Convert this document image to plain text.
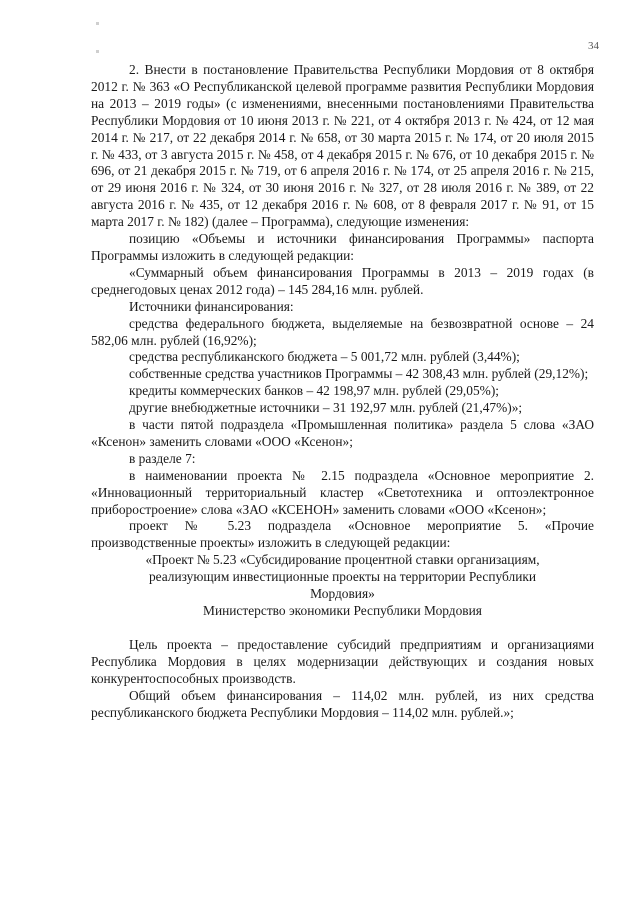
34

2. Внести в постановление Правительства Республики Мордовия от 8 октября 2012 г. № 363 «О Республиканской целевой программе развития Республики Мордовия на 2013 – 2019 годы» (с изменениями, внесенными постановлениями Правительства Республики Мордовия от 10 июня 2013 г. № 221, от 4 октября 2013 г. № 424, от 12 мая 2014 г. № 217, от 22 декабря 2014 г. № 658, от 30 марта 2015 г. № 174, от 20 июля 2015 г. № 433, от 3 августа 2015 г. № 458, от 4 декабря 2015 г. № 676, от 10 декабря 2015 г. № 696, от 21 декабря 2015 г. № 719, от 6 апреля 2016 г. № 174, от 25 апреля 2016 г. № 215, от 29 июня 2016 г. № 324, от 30 июня 2016 г. № 327, от 28 июля 2016 г. № 389, от 22 августа 2016 г. № 435, от 12 декабря 2016 г. № 608, от 8 февраля 2017 г. № 91, от 15 марта 2017 г. № 182) (далее – Программа), следующие изменения:

позицию «Объемы и источники финансирования Программы» паспорта Программы изложить в следующей редакции:

«Суммарный объем финансирования Программы в 2013 – 2019 годах (в среднегодовых ценах 2012 года) – 145 284,16 млн. рублей.

Источники финансирования:

средства федерального бюджета, выделяемые на безвозвратной основе – 24 582,06 млн. рублей (16,92%);

средства республиканского бюджета – 5 001,72 млн. рублей (3,44%);

собственные средства участников Программы – 42 308,43 млн. рублей (29,12%);

кредиты коммерческих банков – 42 198,97 млн. рублей (29,05%);

другие внебюджетные источники – 31 192,97 млн. рублей (21,47%)»;

в части пятой подраздела «Промышленная политика» раздела 5 слова «ЗАО «Ксенон» заменить словами «ООО «Ксенон»;

в разделе 7:

в наименовании проекта № 2.15 подраздела «Основное мероприятие 2. «Инновационный территориальный кластер «Светотехника и оптоэлектронное приборостроение» слова «ЗАО «КСЕНОН» заменить словами «ООО «Ксенон»;

проект № 5.23 подраздела «Основное мероприятие 5. «Прочие производственные проекты» изложить в следующей редакции:

«Проект № 5.23 «Субсидирование процентной ставки организациям,

реализующим инвестиционные проекты на территории Республики

Мордовия»

Министерство экономики Республики Мордовия

Цель проекта – предоставление субсидий предприятиям и организациями Республика Мордовия в целях модернизации действующих и создания новых конкурентоспособных производств.

Общий объем финансирования – 114,02 млн. рублей, из них средства республиканского бюджета Республики Мордовия – 114,02 млн. рублей.»;
